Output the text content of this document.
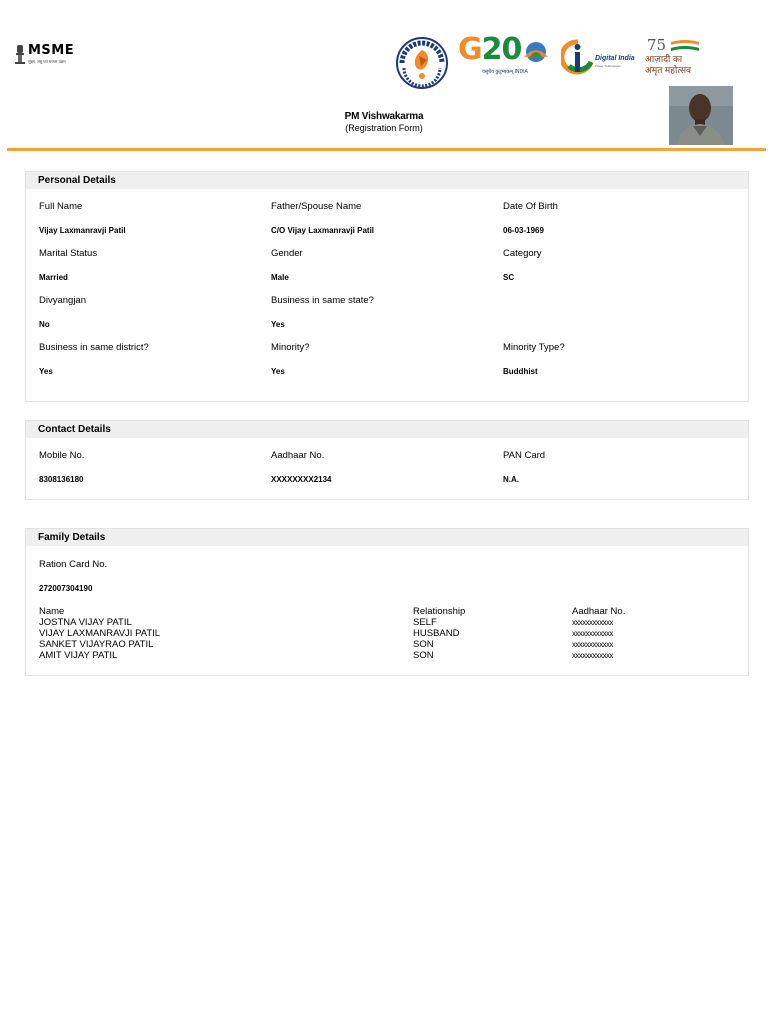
MSME
सूक्ष्म, लघु एवं मध्यम उद्यम	G20
वसुधैव कुटुम्बकम् INDIA
Digital India
Power To Empower
75
आज़ादी का
अमृत महोत्सव
PM Vishwakarma
(Registration Form)
Personal Details
Full Name
Vijay Laxmanravji Patil
Father/Spouse Name
C/O Vijay Laxmanravji Patil
Date Of Birth
06-03-1969
Marital Status
Married
Gender
Male
Category
SC
Divyangjan
No
Business in same state?
Yes
Business in same district?
Yes
Minority?
Yes
Minority Type?
Buddhist
Contact Details
Mobile No.
8308136180
Aadhaar No.
XXXXXXXX2134
PAN Card
N.A.
Family Details
Ration Card No.
272007304190
Name
JOSTNA VIJAY PATIL
VIJAY LAXMANRAVJI PATIL
SANKET VIJAYRAO PATIL
AMIT VIJAY PATIL
Relationship
SELF
HUSBAND
SON
SON
Aadhaar No.
xxxxxxxxxxxx
xxxxxxxxxxxx
xxxxxxxxxxxx
xxxxxxxxxxxx
